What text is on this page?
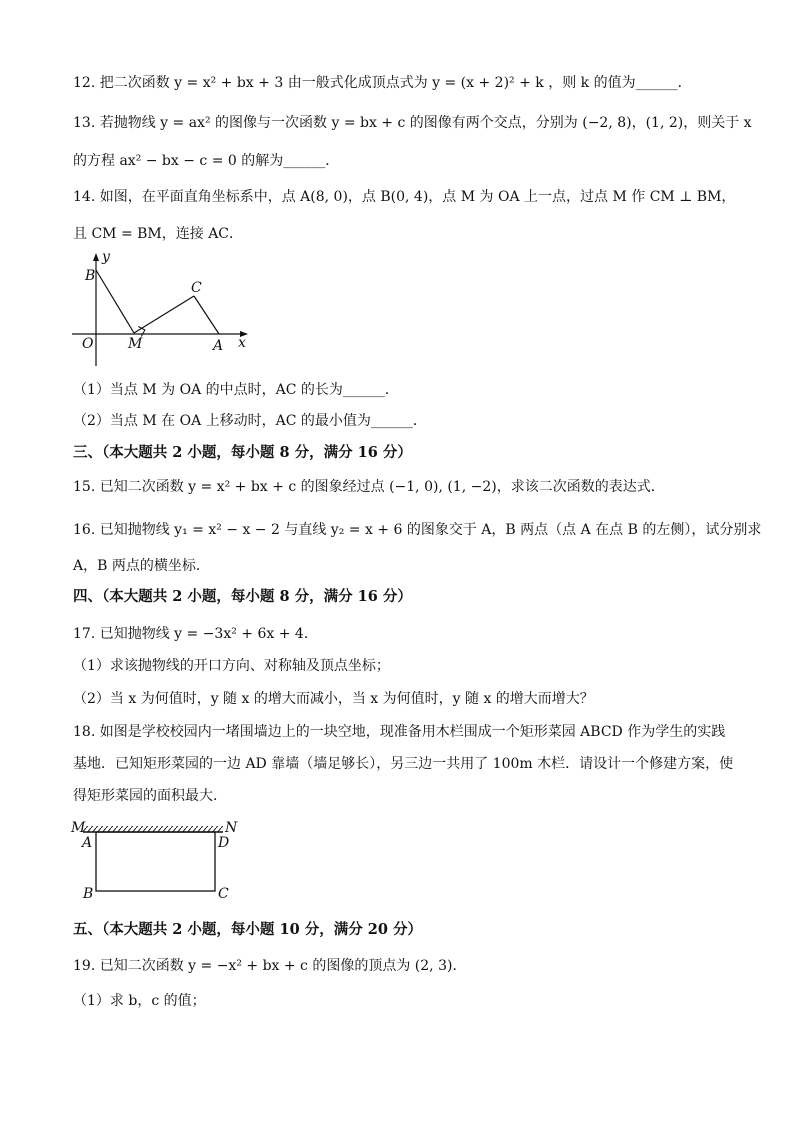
12. 把二次函数 y = x² + bx + 3 由一般式化成顶点式为 y = (x + 2)² + k ，则 k 的值为______．
13. 若抛物线 y = ax² 的图像与一次函数 y = bx + c 的图像有两个交点，分别为 (−2, 8)，(1, 2)，则关于 x
的方程 ax² − bx − c = 0 的解为______．
14. 如图，在平面直角坐标系中，点 A(8, 0)，点 B(0, 4)，点 M 为 OA 上一点，过点 M 作 CM ⊥ BM，
且 CM = BM，连接 AC．
y
B
C
O M	A x
（1）当点 M 为 OA 的中点时，AC 的长为______．
（2）当点 M 在 OA 上移动时，AC 的最小值为______．
三、（本大题共 2 小题，每小题 8 分，满分 16 分）
15. 已知二次函数 y = x² + bx + c 的图象经过点 (−1, 0), (1, −2)，求该二次函数的表达式．
16. 已知抛物线 y₁ = x² − x − 2 与直线 y₂ = x + 6 的图象交于 A，B 两点（点 A 在点 B 的左侧），试分别求
A，B 两点的横坐标．
四、（本大题共 2 小题，每小题 8 分，满分 16 分）
17. 已知抛物线 y = −3x² + 6x + 4．
（1）求该抛物线的开口方向、对称轴及顶点坐标；
（2）当 x 为何值时，y 随 x 的增大而减小，当 x 为何值时，y 随 x 的增大而增大？
18. 如图是学校校园内一堵围墙边上的一块空地，现准备用木栏围成一个矩形菜园 ABCD 作为学生的实践
基地．已知矩形菜园的一边 AD 靠墙（墙足够长），另三边一共用了 100m 木栏．请设计一个修建方案，使
得矩形菜园的面积最大．
M	N
A	D
B	C
五、（本大题共 2 小题，每小题 10 分，满分 20 分）
19. 已知二次函数 y = −x² + bx + c 的图像的顶点为 (2, 3)．
（1）求 b，c 的值；
